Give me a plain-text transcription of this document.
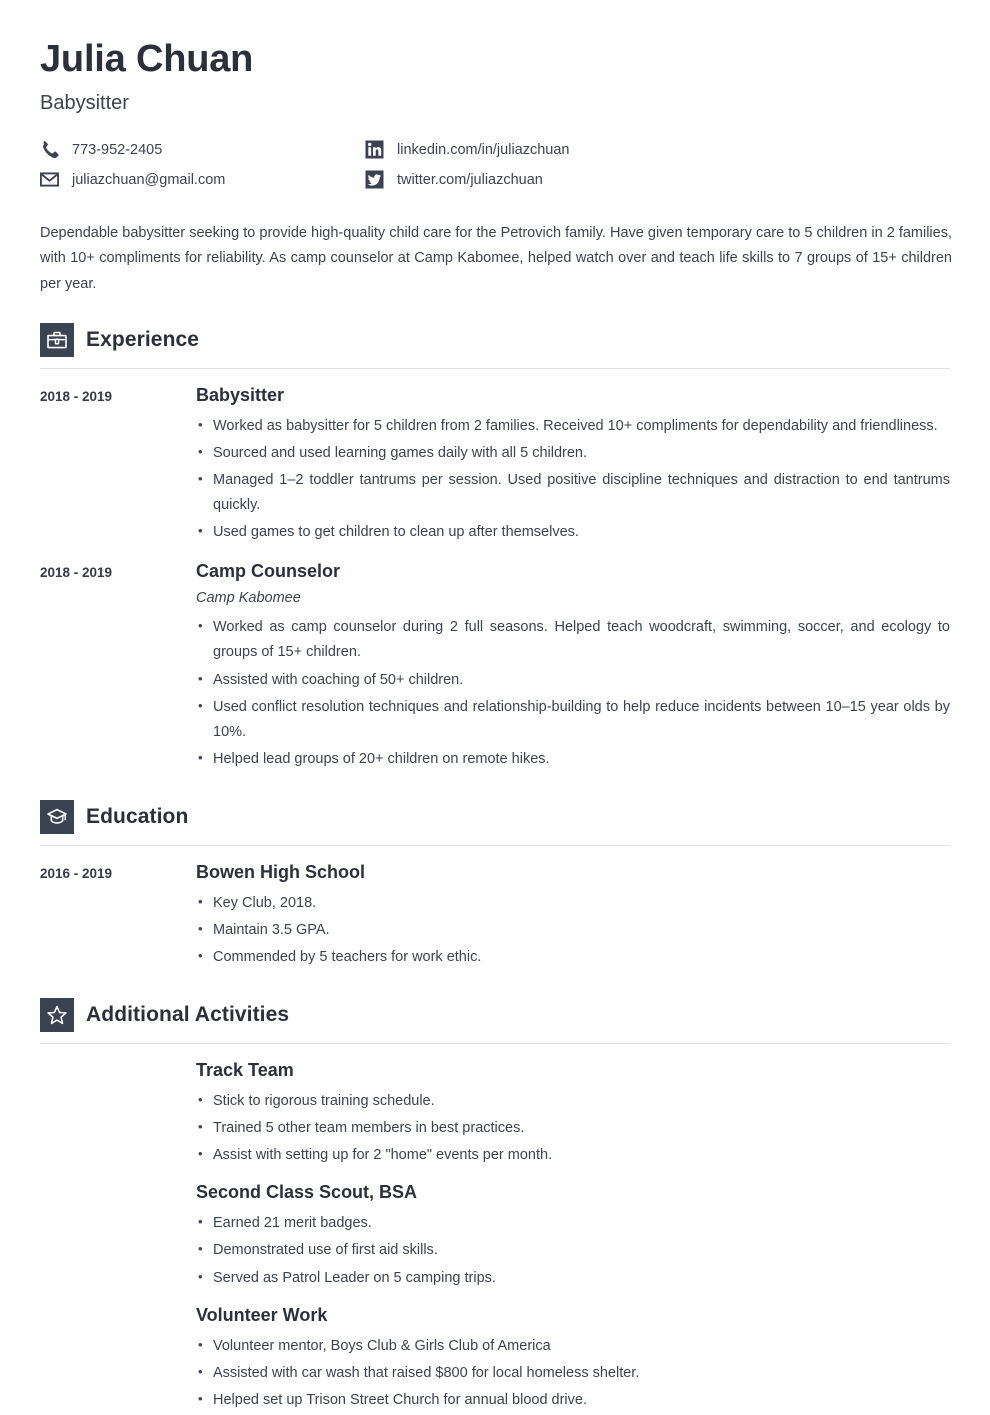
Julia Chuan
Babysitter
773-952-2405	linkedin.com/in/juliazchuan
juliazchuan@gmail.com	twitter.com/juliazchuan

Dependable babysitter seeking to provide high-quality child care for the Petrovich family. Have given temporary care to 5 children in 2 families, with 10+ compliments for reliability. As camp counselor at Camp Kabomee, helped watch over and teach life skills to 7 groups of 15+ children per year.

Experience
2018 - 2019	Babysitter
• Worked as babysitter for 5 children from 2 families. Received 10+ compliments for dependability and friendliness.
• Sourced and used learning games daily with all 5 children.
• Managed 1–2 toddler tantrums per session. Used positive discipline techniques and distraction to end tantrums quickly.
• Used games to get children to clean up after themselves.
2018 - 2019	Camp Counselor
Camp Kabomee
• Worked as camp counselor during 2 full seasons. Helped teach woodcraft, swimming, soccer, and ecology to groups of 15+ children.
• Assisted with coaching of 50+ children.
• Used conflict resolution techniques and relationship-building to help reduce incidents between 10–15 year olds by 10%.
• Helped lead groups of 20+ children on remote hikes.
Education
2016 - 2019	Bowen High School
• Key Club, 2018.
• Maintain 3.5 GPA.
• Commended by 5 teachers for work ethic.
Additional Activities
Track Team
• Stick to rigorous training schedule.
• Trained 5 other team members in best practices.
• Assist with setting up for 2 "home" events per month.
Second Class Scout, BSA
• Earned 21 merit badges.
• Demonstrated use of first aid skills.
• Served as Patrol Leader on 5 camping trips.
Volunteer Work
• Volunteer mentor, Boys Club & Girls Club of America
• Assisted with car wash that raised $800 for local homeless shelter.
• Helped set up Trison Street Church for annual blood drive.
